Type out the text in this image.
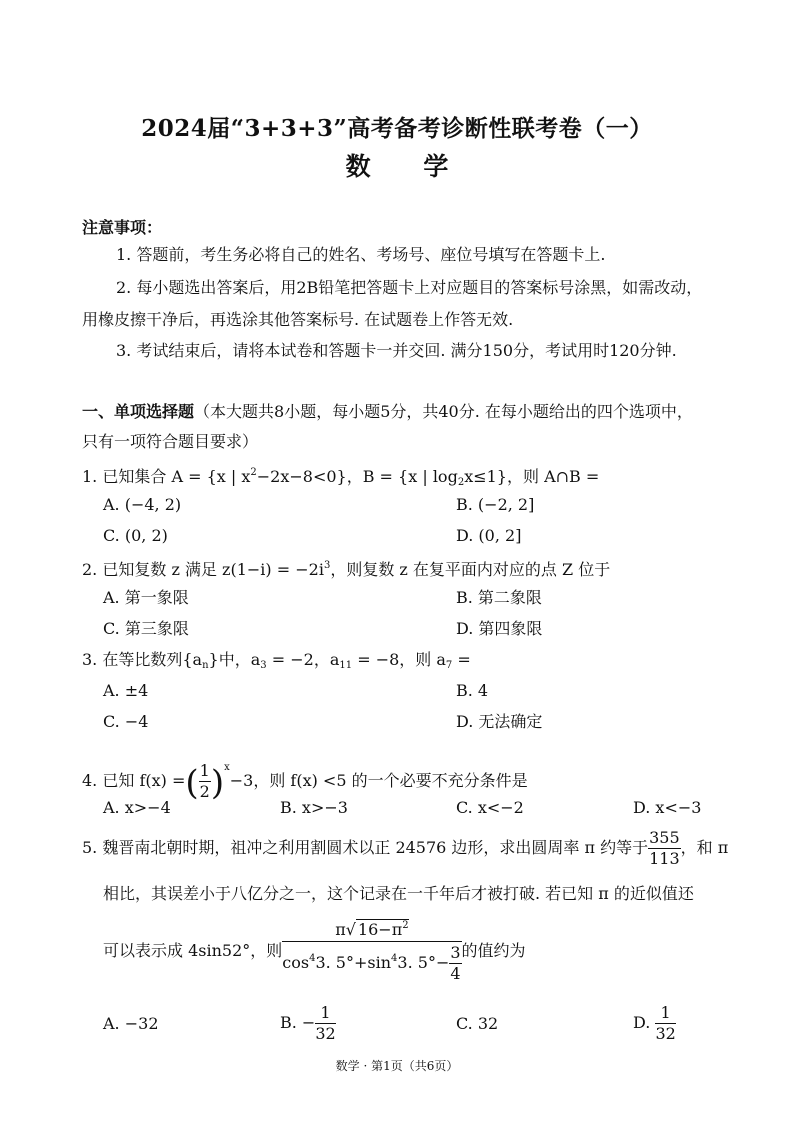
2024届“3+3+3”高考备考诊断性联考卷（一）
数 学
注意事项：
1. 答题前，考生务必将自己的姓名、考场号、座位号填写在答题卡上.
2. 每小题选出答案后，用2B铅笔把答题卡上对应题目的答案标号涂黑，如需改动，
用橡皮擦干净后，再选涂其他答案标号. 在试题卷上作答无效.
3. 考试结束后，请将本试卷和答题卡一并交回. 满分150分，考试用时120分钟.
一、单项选择题（本大题共8小题，每小题5分，共40分. 在每小题给出的四个选项中，
只有一项符合题目要求）
1. 已知集合 A = {x | $x^2-2x-8<0$}，B = {x | $\log_2x\le 1$}，则 A∩B =
A. (−4, 2)	B. (−2, 2]
C. (0, 2)	D. (0, 2]
2. 已知复数 z 满足 $z(1-i) = -2i^3$，则复数 z 在复平面内对应的点 Z 位于
A. 第一象限	B. 第二象限
C. 第三象限	D. 第四象限
3. 在等比数列$\{a_n\}$中，$a_3 = -2$，$a_{11} = -8$，则 $a_7$ =
A. ±4	B. 4
C. −4	D. 无法确定
4. 已知 f(x) =( $\frac{1}{2} )^x-3$，则 f(x) <5 的一个必要不充分条件是
A. x>−4	B. x>−3	C. x<−2	D. x<−3
5. 魏晋南北朝时期，祖冲之利用割圆术以正 24576 边形，求出圆周率 π 约等于 $\frac{355}{113}$ ，和 π
相比，其误差小于八亿分之一，这个记录在一千年后才被打破. 若已知 π 的近似值还
可以表示成 4sin52°，则 $\frac{\pi√ 16-\pi^2}{\cos^43. 5^\circ+\sin^43. 5^\circ- \frac{3}{4}}$ 的值约为
A. −32	B. − $\frac{1}{32}$	C. 32	D. $\frac{1}{32}$
数学 · 第1页（共6页）
